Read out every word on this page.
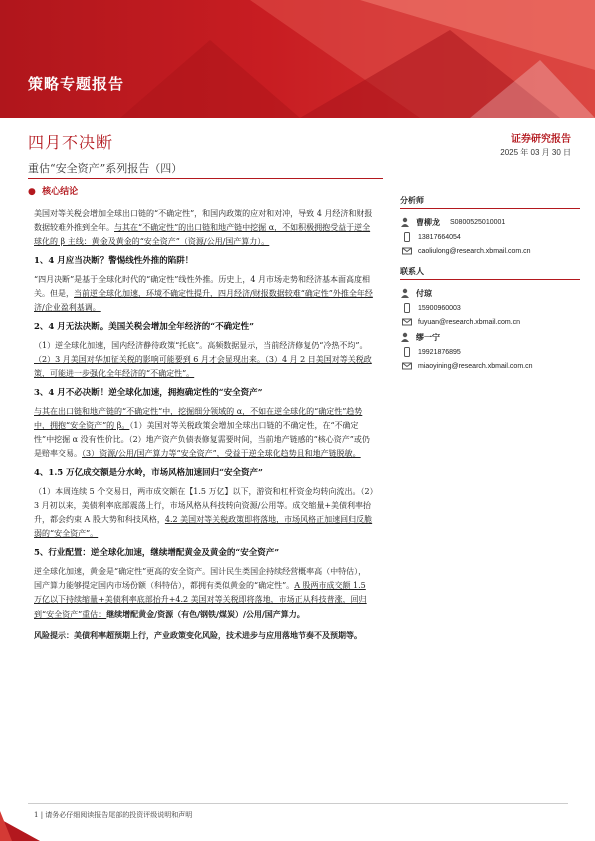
策略专题报告
四月不决断
重估“安全资产”系列报告（四）
证券研究报告
2025 年 03 月 30 日
●  核心结论

美国对等关税会增加全球出口链的“不确定性”，和国内政策的应对和对冲，导致 4 月经济和财报数据较难外推到全年。与其在“不确定性”的出口链和地产链中挖掘 α，不如积极拥抱受益于逆全球化的 β 主线：黄金及黄金的“安全资产”（资源/公用/国产算力）。

1、4 月应当决断？警惕线性外推的陷阱！

“四月决断”是基于全球化时代的“确定性”线性外推。历史上，4 月市场走势和经济基本面高度相关。但是，当前逆全球化加速，环境不确定性提升，四月经济/财报数据较难“确定性”外推全年经济/企业盈利基调。

2、4 月无法决断。美国关税会增加全年经济的“不确定性”

（1）逆全球化加速，国内经济静待政策“托底”。高频数据显示，当前经济修复仍“冷热不均”。（2）3 月美国对华加征关税的影响可能要到 6 月才会显现出来。（3）4 月 2 日美国对等关税政策，可能进一步强化全年经济的“不确定性”。

3、4 月不必决断！逆全球化加速，拥抱确定性的“安全资产”

与其在出口链和地产链的“不确定性”中，挖掘细分领域的 α，不如在逆全球化的“确定性”趋势中，拥抱“安全资产”的 β。（1）美国对等关税政策会增加全球出口链的不确定性，在“不确定性”中挖掘 α 没有性价比。（2）地产资产负债表修复需要时间，当前地产链感的“核心资产”或仍是赔率交易。（3）资源/公用/国产算力等“安全资产”，受益于逆全球化趋势且和地产链脱敏。

4、1.5 万亿成交额是分水岭，市场风格加速回归“安全资产”

（1）本周连续 5 个交易日，两市成交额在【1.5 万亿】以下，游资和杠杆资金均转向流出。（2）3 月初以来，美债利率底部震荡上行，市场风格从科技转向资源/公用等。成交缩量+美债利率抬升，都会约束 A 股大势和科技风格，4.2 美国对等关税政策即将落地，市场风格正加速回归反脆弱的“安全资产”。

5、行业配置：逆全球化加速，继续增配黄金及黄金的“安全资产”

逆全球化加速，黄金是“确定性”更高的安全资产。国计民生类国企持续经营概率高（中特估），国产算力能够提定国内市场份额（科特估），都拥有类似黄金的“确定性”。A 股两市成交额 1.5 万亿以下持续缩量+美债利率底部抬升+4.2 美国对等关税即将落地，市场正从科技普涨，回归到“安全资产”重估：继续增配黄金/资源（有色/钢铁/煤炭）/公用/国产算力。

风险提示：美债利率超预期上行，产业政策变化风险，技术进步与应用落地节奏不及预期等。

分析师
曹柳龙 S0800525010001
13817664054
caoliulong@research.xbmail.com.cn
联系人
付琼
15900960003
fuyuan@research.xbmail.com.cn
缪一宁
19921876895
miaoyining@research.xbmail.com.cn
1 | 请务必仔细阅读报告尾部的投资评级说明和声明
